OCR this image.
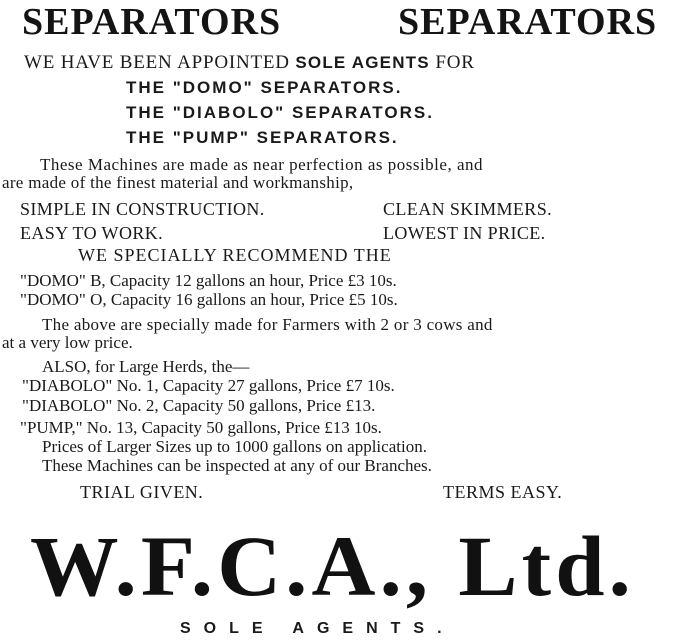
SEPARATORS	SEPARATORS
WE HAVE BEEN APPOINTED SOLE AGENTS FOR
THE "DOMO" SEPARATORS.
THE "DIABOLO" SEPARATORS.
THE "PUMP" SEPARATORS.
These Machines are made as near perfection as possible, and
are made of the finest material and workmanship,
SIMPLE IN CONSTRUCTION.	CLEAN SKIMMERS.
EASY TO WORK.	LOWEST IN PRICE.
WE SPECIALLY RECOMMEND THE
"DOMO" B, Capacity 12 gallons an hour, Price £3 10s.
"DOMO" O, Capacity 16 gallons an hour, Price £5 10s.
The above are specially made for Farmers with 2 or 3 cows and
at a very low price.
ALSO, for Large Herds, the—
"DIABOLO" No. 1, Capacity 27 gallons, Price £7 10s.
"DIABOLO" No. 2, Capacity 50 gallons, Price £13.
"PUMP," No. 13, Capacity 50 gallons, Price £13 10s.
Prices of Larger Sizes up to 1000 gallons on application.
These Machines can be inspected at any of our Branches.
TRIAL GIVEN.	TERMS EASY.
W.F.C.A., Ltd.
SOLE AGENTS.
